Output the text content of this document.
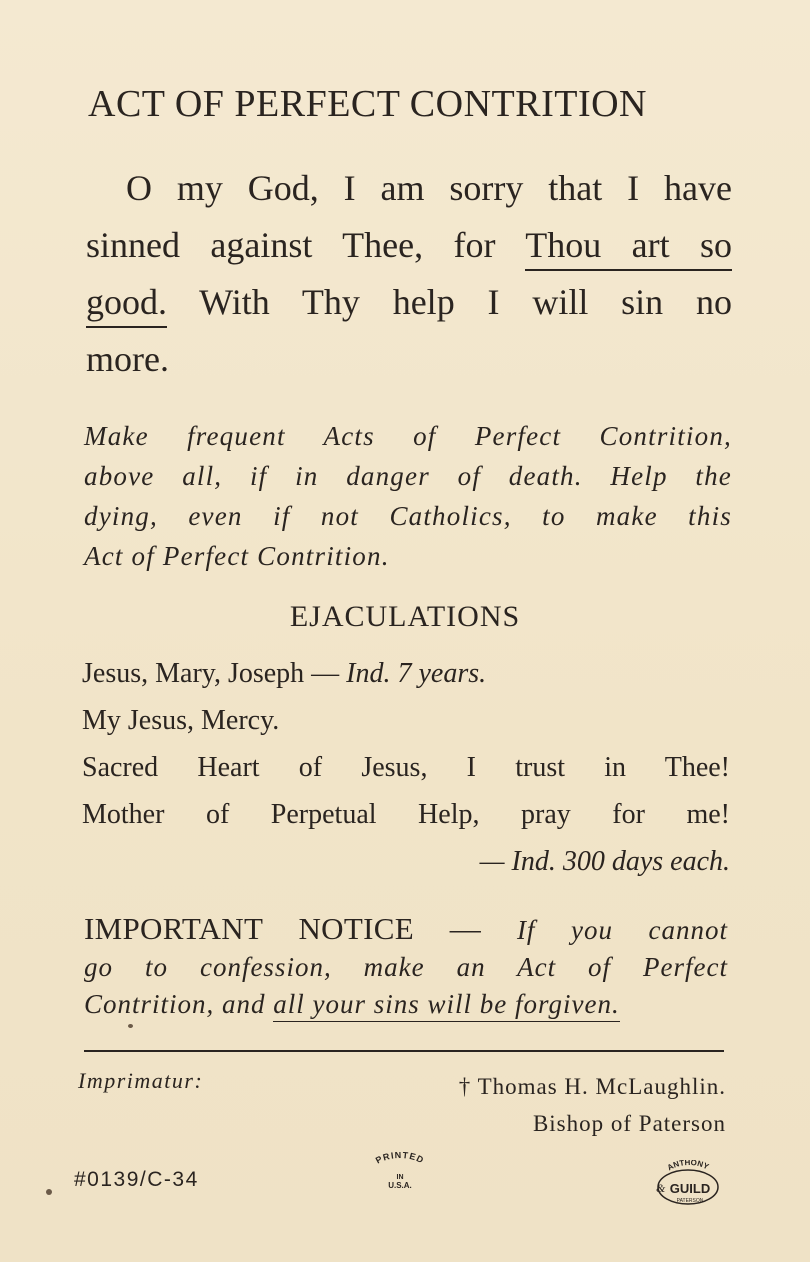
ACT OF PERFECT CONTRITION
O my God, I am sorry that I have
sinned against Thee, for Thou art so
good. With Thy help I will sin no
more.
Make frequent Acts of Perfect Contrition,
above all, if in danger of death. Help the
dying, even if not Catholics, to make this
Act of Perfect Contrition.
EJACULATIONS
Jesus, Mary, Joseph — Ind. 7 years.
My Jesus, Mercy.
Sacred Heart of Jesus, I trust in Thee!
Mother of Perpetual Help, pray for me!
— Ind. 300 days each.
IMPORTANT NOTICE — If you cannot
go to confession, make an Act of Perfect
Contrition, and all your sins will be forgiven.
Imprimatur:	† Thomas H. McLaughlin.
Bishop of Paterson
#0139/C-34
PRINTED
IN
U.S.A.
ANTHONY
GUILD
&
PATERSON
